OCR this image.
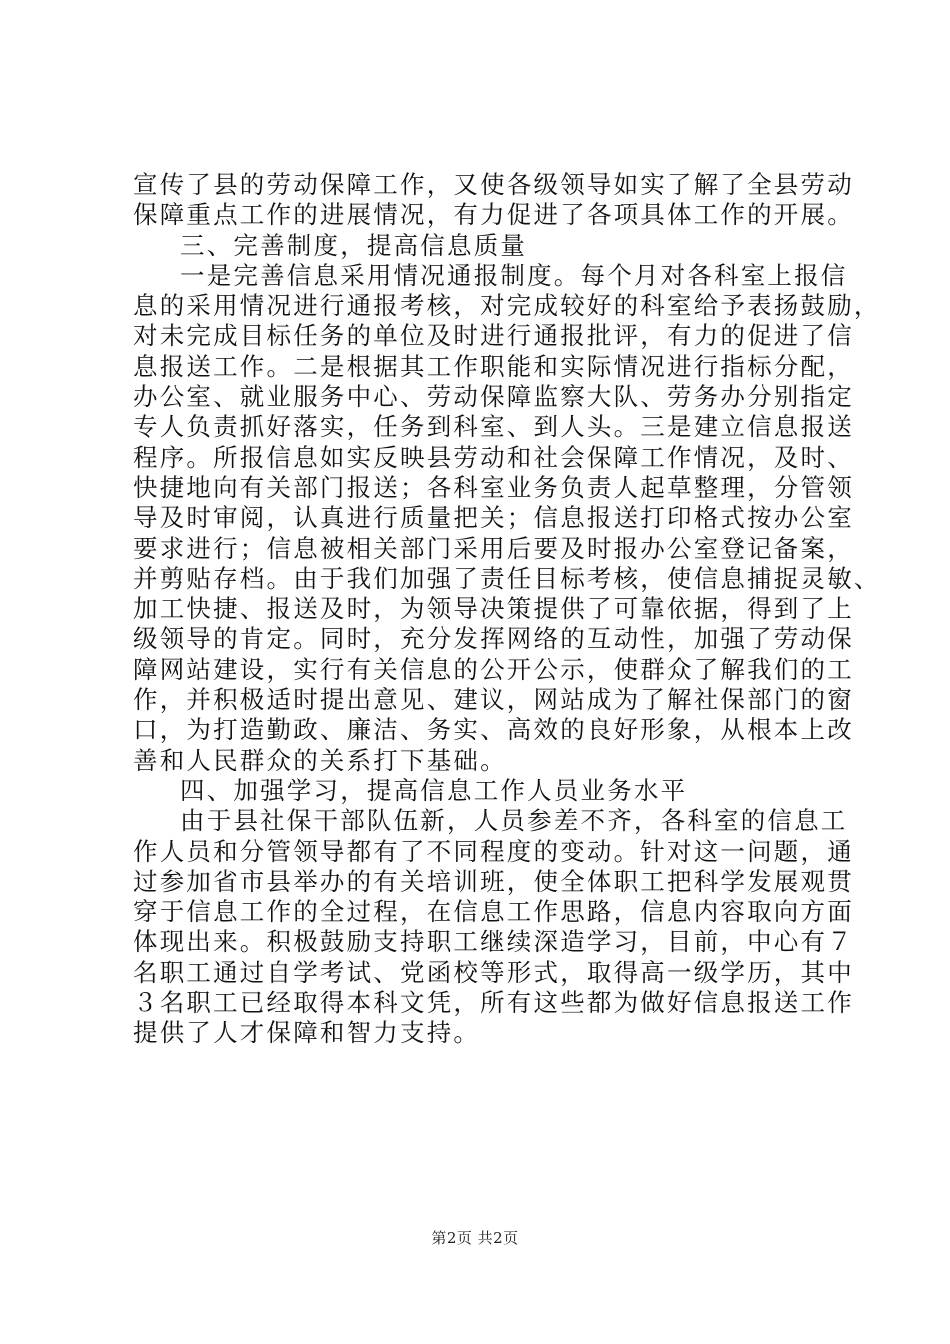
宣传了县的劳动保障工作，又使各级领导如实了解了全县劳动
保障重点工作的进展情况，有力促进了各项具体工作的开展。
三、完善制度，提高信息质量
一是完善信息采用情况通报制度。每个月对各科室上报信
息的采用情况进行通报考核，对完成较好的科室给予表扬鼓励，
对未完成目标任务的单位及时进行通报批评，有力的促进了信
息报送工作。二是根据其工作职能和实际情况进行指标分配，
办公室、就业服务中心、劳动保障监察大队、劳务办分别指定
专人负责抓好落实，任务到科室、到人头。三是建立信息报送
程序。所报信息如实反映县劳动和社会保障工作情况，及时、
快捷地向有关部门报送；各科室业务负责人起草整理，分管领
导及时审阅，认真进行质量把关；信息报送打印格式按办公室
要求进行；信息被相关部门采用后要及时报办公室登记备案，
并剪贴存档。由于我们加强了责任目标考核，使信息捕捉灵敏、
加工快捷、报送及时，为领导决策提供了可靠依据，得到了上
级领导的肯定。同时，充分发挥网络的互动性，加强了劳动保
障网站建设，实行有关信息的公开公示，使群众了解我们的工
作，并积极适时提出意见、建议，网站成为了解社保部门的窗
口，为打造勤政、廉洁、务实、高效的良好形象，从根本上改
善和人民群众的关系打下基础。
四、加强学习，提高信息工作人员业务水平
由于县社保干部队伍新，人员参差不齐，各科室的信息工
作人员和分管领导都有了不同程度的变动。针对这一问题，通
过参加省市县举办的有关培训班，使全体职工把科学发展观贯
穿于信息工作的全过程，在信息工作思路，信息内容取向方面
体现出来。积极鼓励支持职工继续深造学习，目前，中心有７
名职工通过自学考试、党函校等形式，取得高一级学历，其中
３名职工已经取得本科文凭，所有这些都为做好信息报送工作
提供了人才保障和智力支持。
第2页 共2页
